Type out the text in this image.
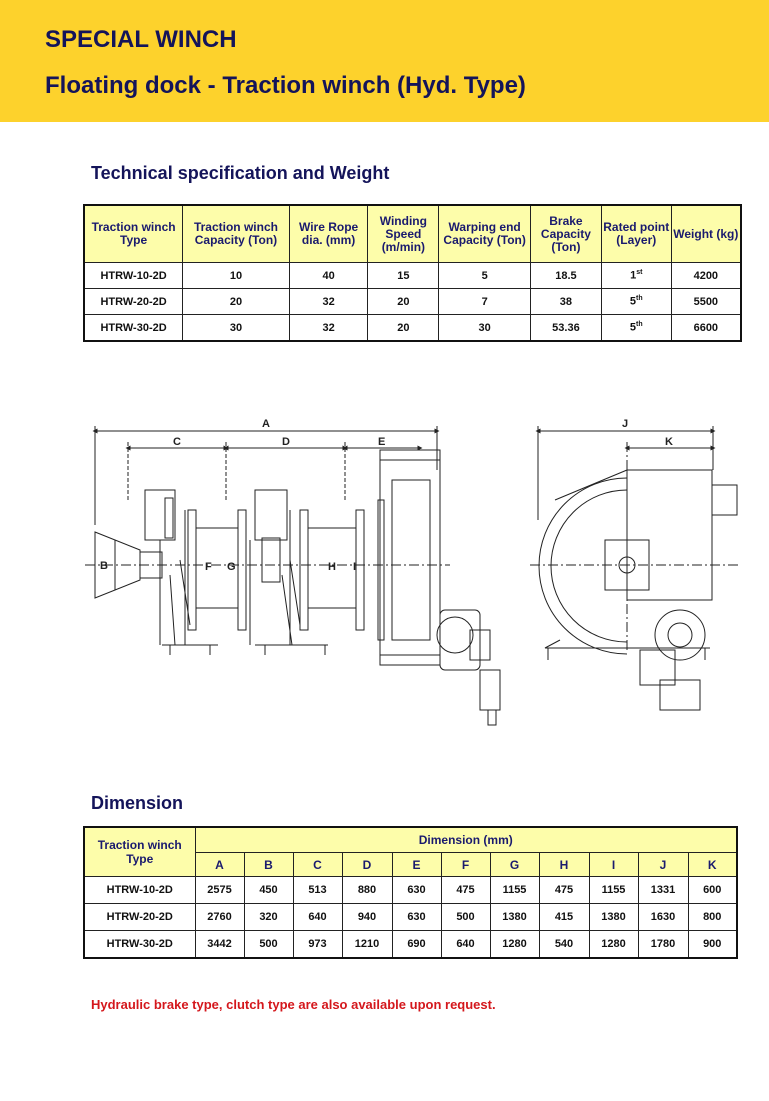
SPECIAL WINCH
Floating dock - Traction winch (Hyd. Type)

Technical specification and Weight

Traction winch Type	Traction winch Capacity (Ton)	Wire Rope dia. (mm)	Winding Speed (m/min)	Warping end Capacity (Ton)	Brake Capacity (Ton)	Rated point (Layer)	Weight (kg)
HTRW-10-2D	10	40	15	5	18.5	1st	4200
HTRW-20-2D	20	32	20	7	38	5th	5500
HTRW-30-2D	30	32	20	30	53.36	5th	6600
A
B
C	D	E
F G	H I
J
K

Dimension

Traction winch Type	Dimension (mm)										
	A	B	C	D	E	F	G	H	I	J	K
HTRW-10-2D	2575	450	513	880	630	475	1155	475	1155	1331	600
HTRW-20-2D	2760	320	640	940	630	500	1380	415	1380	1630	800
HTRW-30-2D	3442	500	973	1210	690	640	1280	540	1280	1780	900

Hydraulic brake type, clutch type are also available upon request.
